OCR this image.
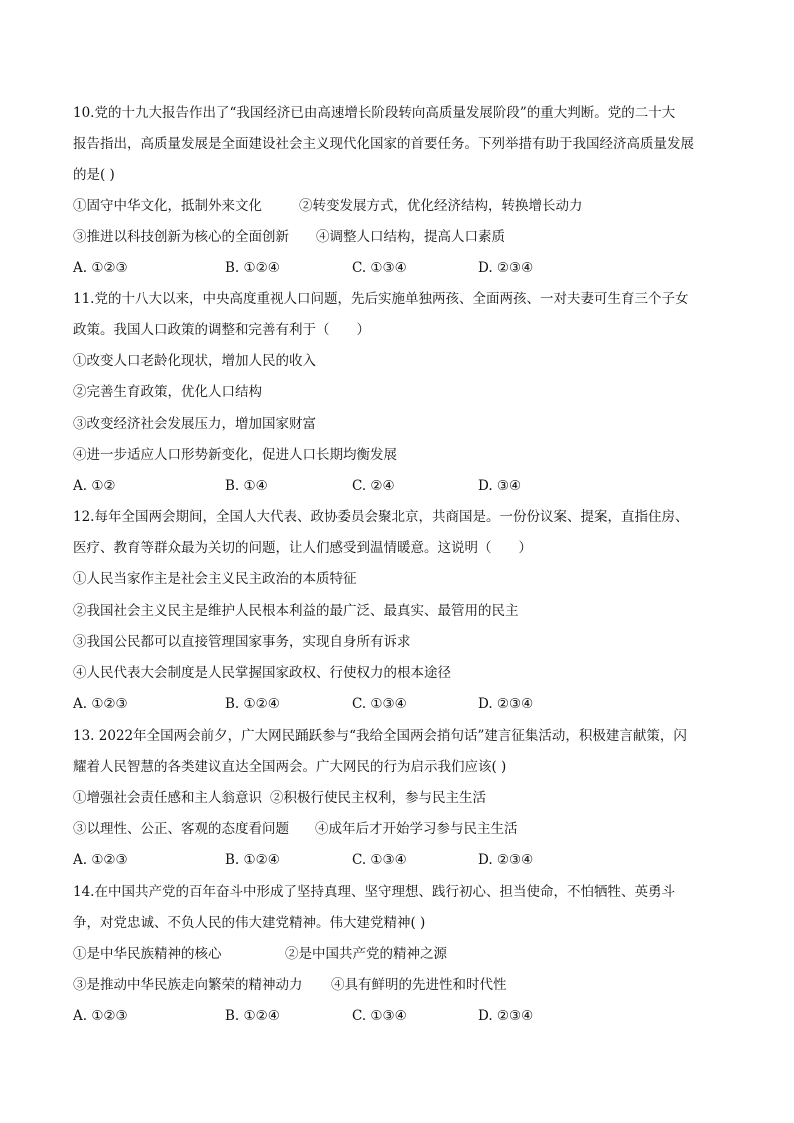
10.党的十九大报告作出了“我国经济已由高速增长阶段转向高质量发展阶段”的重大判断。党的二十大
报告指出，高质量发展是全面建设社会主义现代化国家的首要任务。下列举措有助于我国经济高质量发展
的是( )
①固守中华文化，抵制外来文化	②转变发展方式，优化经济结构，转换增长动力
③推进以科技创新为核心的全面创新 ④调整人口结构，提高人口素质
A. ①②③	B. ①②④	C. ①③④	D. ②③④
11.党的十八大以来，中央高度重视人口问题，先后实施单独两孩、全面两孩、一对夫妻可生育三个子女
政策。我国人口政策的调整和完善有利于（　　）
①改变人口老龄化现状，增加人民的收入
②完善生育政策，优化人口结构
③改变经济社会发展压力，增加国家财富
④进一步适应人口形势新变化，促进人口长期均衡发展
A. ①②	B. ①④	C. ②④	D. ③④
12.每年全国两会期间，全国人大代表、政协委员会聚北京，共商国是。一份份议案、提案，直指住房、
医疗、教育等群众最为关切的问题，让人们感受到温情暖意。这说明（　　）
①人民当家作主是社会主义民主政治的本质特征
②我国社会主义民主是维护人民根本利益的最广泛、最真实、最管用的民主
③我国公民都可以直接管理国家事务，实现自身所有诉求
④人民代表大会制度是人民掌握国家政权、行使权力的根本途径
A. ①②③	B. ①②④	C. ①③④	D. ②③④
13. 2022年全国两会前夕，广大网民踊跃参与“我给全国两会捎句话”建言征集活动，积极建言献策，闪
耀着人民智慧的各类建议直达全国两会。广大网民的行为启示我们应该( )
①增强社会责任感和主人翁意识 ②积极行使民主权利，参与民主生活
③以理性、公正、客观的态度看问题 ④成年后才开始学习参与民主生活
A. ①②③	B. ①②④	C. ①③④	D. ②③④
14.在中国共产党的百年奋斗中形成了坚持真理、坚守理想、践行初心、担当使命，不怕牺牲、英勇斗
争，对党忠诚、不负人民的伟大建党精神。伟大建党精神( )
①是中华民族精神的核心	②是中国共产党的精神之源
③是推动中华民族走向繁荣的精神动力 ④具有鲜明的先进性和时代性
A. ①②③	B. ①②④	C. ①③④	D. ②③④
